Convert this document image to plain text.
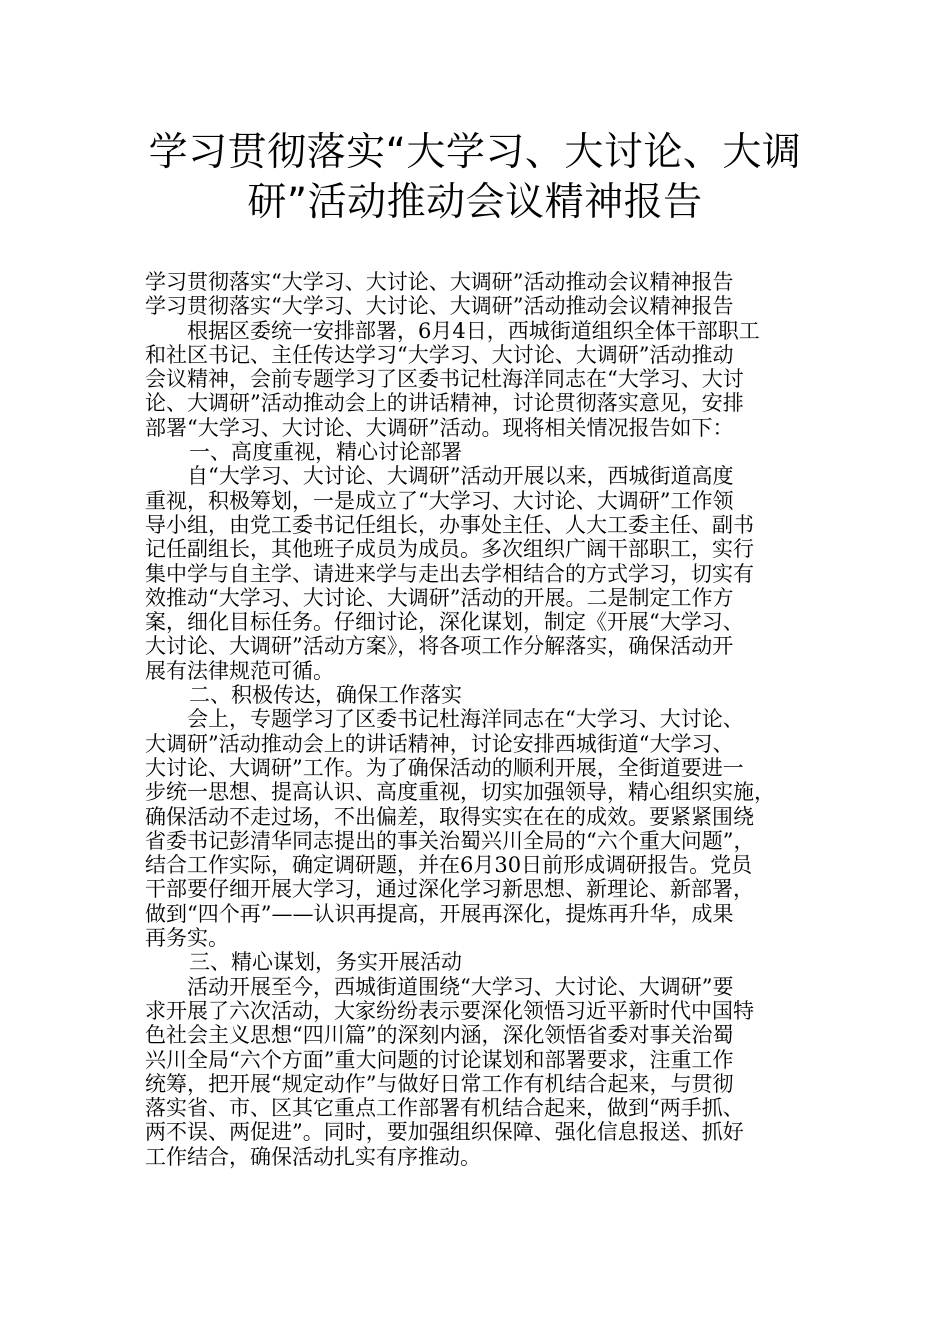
学习贯彻落实“大学习、大讨论、大调
研”活动推动会议精神报告
学习贯彻落实“大学习、大讨论、大调研”活动推动会议精神报告
学习贯彻落实“大学习、大讨论、大调研”活动推动会议精神报告
根据区委统一安排部署，6月4日，西城街道组织全体干部职工
和社区书记、主任传达学习“大学习、大讨论、大调研”活动推动
会议精神，会前专题学习了区委书记杜海洋同志在“大学习、大讨
论、大调研”活动推动会上的讲话精神，讨论贯彻落实意见，安排
部署“大学习、大讨论、大调研”活动。现将相关情况报告如下：
一、高度重视，精心讨论部署
自“大学习、大讨论、大调研”活动开展以来，西城街道高度
重视，积极筹划，一是成立了“大学习、大讨论、大调研”工作领
导小组，由党工委书记任组长，办事处主任、人大工委主任、副书
记任副组长，其他班子成员为成员。多次组织广阔干部职工，实行
集中学与自主学、请进来学与走出去学相结合的方式学习，切实有
效推动“大学习、大讨论、大调研”活动的开展。二是制定工作方
案，细化目标任务。仔细讨论，深化谋划，制定《开展“大学习、
大讨论、大调研”活动方案》，将各项工作分解落实，确保活动开
展有法律规范可循。
二、积极传达，确保工作落实
会上，专题学习了区委书记杜海洋同志在“大学习、大讨论、
大调研”活动推动会上的讲话精神，讨论安排西城街道“大学习、
大讨论、大调研”工作。为了确保活动的顺利开展，全街道要进一
步统一思想、提高认识、高度重视，切实加强领导，精心组织实施，
确保活动不走过场，不出偏差，取得实实在在的成效。要紧紧围绕
省委书记彭清华同志提出的事关治蜀兴川全局的“六个重大问题”，
结合工作实际，确定调研题，并在6月30日前形成调研报告。党员
干部要仔细开展大学习，通过深化学习新思想、新理论、新部署，
做到“四个再”——认识再提高，开展再深化，提炼再升华，成果
再务实。
三、精心谋划，务实开展活动
活动开展至今，西城街道围绕“大学习、大讨论、大调研”要
求开展了六次活动，大家纷纷表示要深化领悟习近平新时代中国特
色社会主义思想“四川篇”的深刻内涵，深化领悟省委对事关治蜀
兴川全局“六个方面”重大问题的讨论谋划和部署要求，注重工作
统筹，把开展“规定动作”与做好日常工作有机结合起来，与贯彻
落实省、市、区其它重点工作部署有机结合起来，做到“两手抓、
两不误、两促进”。同时，要加强组织保障、强化信息报送、抓好
工作结合，确保活动扎实有序推动。
